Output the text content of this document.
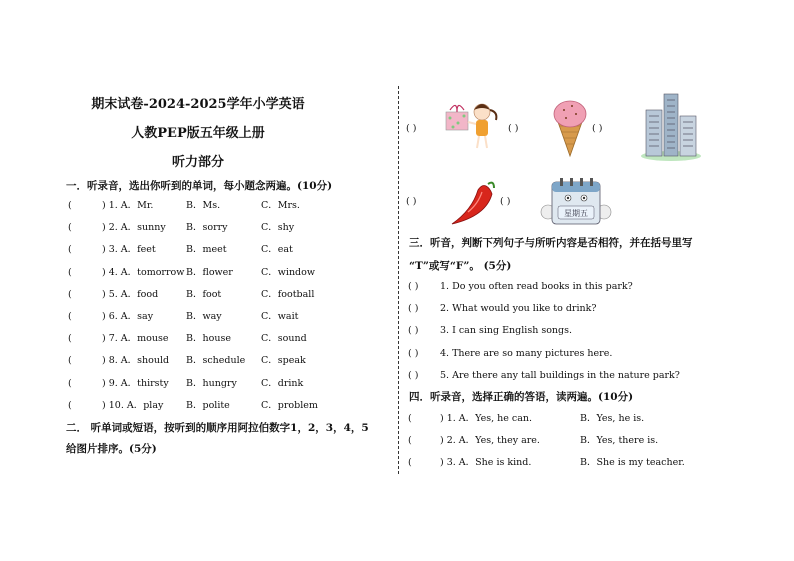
期末试卷-2024-2025学年小学英语
人教PEP版五年级上册
听力部分
一．听录音，选出你听到的单词，每小题念两遍。(10分)
(	) 1. A．Mr.	B．Ms.	C．Mrs.
(	) 2. A．sunny B．sorry	C．shy
(	) 3. A．feet	B．meet	C．eat
(	) 4. A．tomorrow B．flower	C．window
(	) 5. A．food	B．foot	C．football
(	) 6. A．say	B．way	C．wait
(	) 7. A．mouse B．house	C．sound
(	) 8. A．should B．schedule C．speak
(	) 9. A．thirsty B．hungry	C．drink
(	) 10. A．play B．polite	C．problem
二． 听单词或短语，按听到的顺序用阿拉伯数字1，2，3，4，5
给图片排序。(5分)
( )	( )	( )
( )	( )
星期五
三．听音，判断下列句子与所听内容是否相符，并在括号里写
“T”或写“F”。 (5分)
( ) 1. Do you often read books in this park?
( ) 2. What would you like to drink?
( ) 3. I can sing English songs.
( ) 4. There are so many pictures here.
( ) 5. Are there any tall buildings in the nature park?
四．听录音，选择正确的答语，读两遍。(10分)
(	) 1. A．Yes, he can.	B．Yes, he is.
(	) 2. A．Yes, they are.	B．Yes, there is.
(	) 3. A．She is kind.	B．She is my teacher.
